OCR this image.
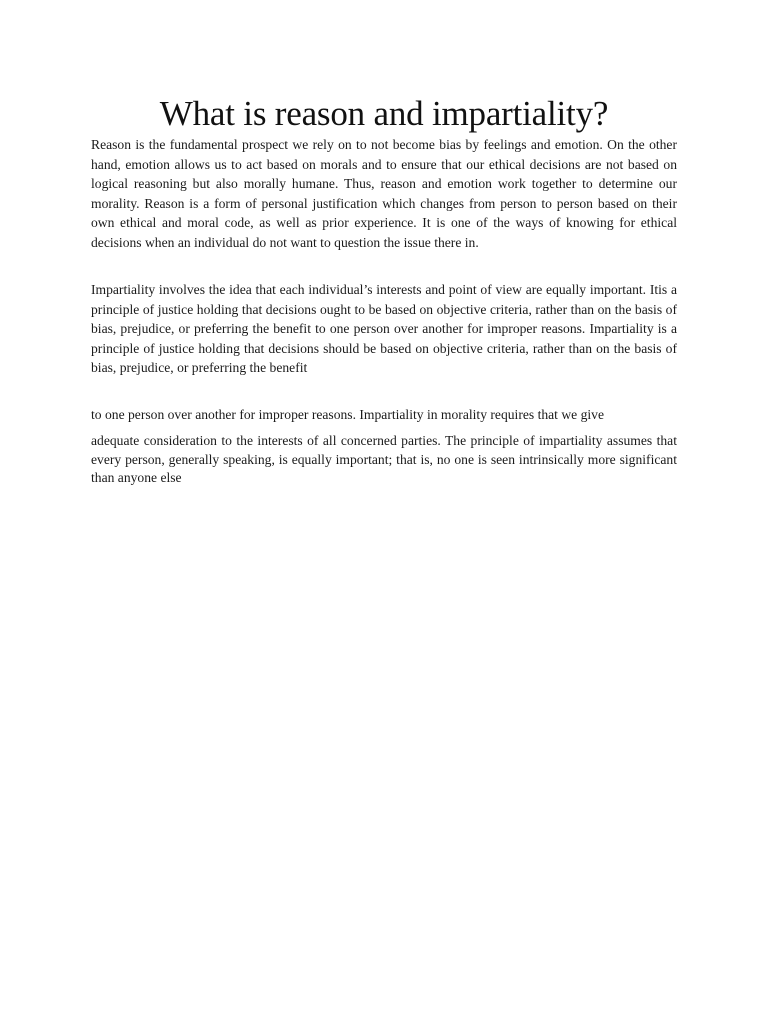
What is reason and impartiality?

Reason is the fundamental prospect we rely on to not become bias by feelings and emotion. On the other hand, emotion allows us to act based on morals and to ensure that our ethical decisions are not based on logical reasoning but also morally humane. Thus, reason and emotion work together to determine our morality. Reason is a form of personal justification which changes from person to person based on their own ethical and moral code, as well as prior experience. It is one of the ways of knowing for ethical decisions when an individual do not want to question the issue there in.

Impartiality involves the idea that each individual’s interests and point of view are equally important. Itis a principle of justice holding that decisions ought to be based on objective criteria, rather than on the basis of bias, prejudice, or preferring the benefit to one person over another for improper reasons. Impartiality is a principle of justice holding that decisions should be based on objective criteria, rather than on the basis of bias, prejudice, or preferring the benefit

to one person over another for improper reasons. Impartiality in morality requires that we give

adequate consideration to the interests of all concerned parties. The principle of impartiality assumes that every person, generally speaking, is equally important; that is, no one is seen intrinsically more significant than anyone else
